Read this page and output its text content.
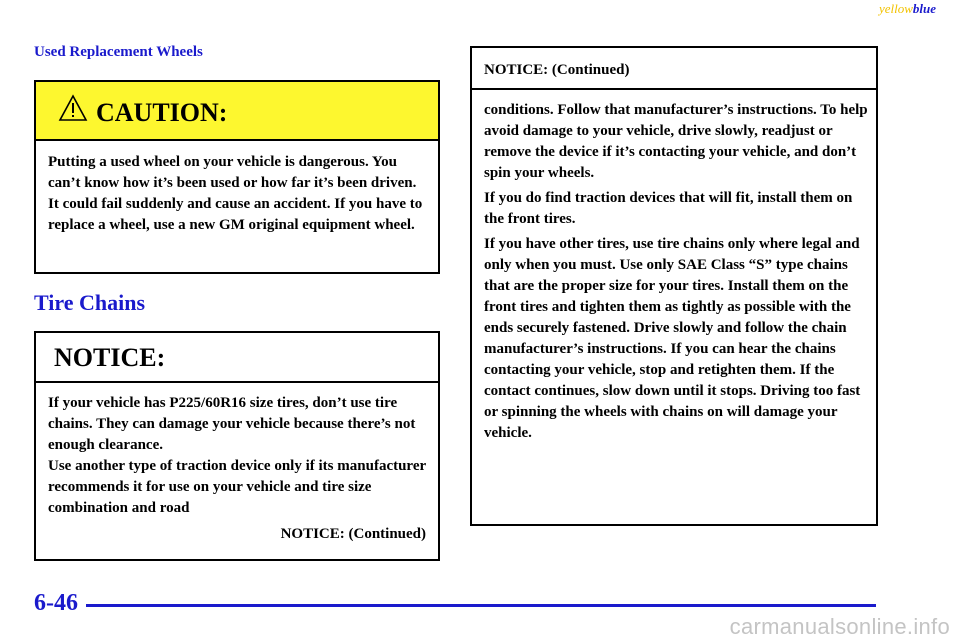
yellowblue
Used Replacement Wheels
CAUTION:
Putting a used wheel on your vehicle is dangerous. You can’t know how it’s been used or how far it’s been driven. It could fail suddenly and cause an accident. If you have to replace a wheel, use a new GM original equipment wheel.
Tire Chains
NOTICE:
If your vehicle has P225/60R16 size tires, don’t use tire chains. They can damage your vehicle because there’s not enough clearance.
Use another type of traction device only if its manufacturer recommends it for use on your vehicle and tire size combination and road
NOTICE: (Continued)
NOTICE: (Continued)

conditions. Follow that manufacturer’s instructions. To help avoid damage to your vehicle, drive slowly, readjust or remove the device if it’s contacting your vehicle, and don’t spin your wheels.

If you do find traction devices that will fit, install them on the front tires.

If you have other tires, use tire chains only where legal and only when you must. Use only SAE Class “S” type chains that are the proper size for your tires. Install them on the front tires and tighten them as tightly as possible with the ends securely fastened. Drive slowly and follow the chain manufacturer’s instructions. If you can hear the chains contacting your vehicle, stop and retighten them. If the contact continues, slow down until it stops. Driving too fast or spinning the wheels with chains on will damage your vehicle.

6-46
carmanualsonline.info
